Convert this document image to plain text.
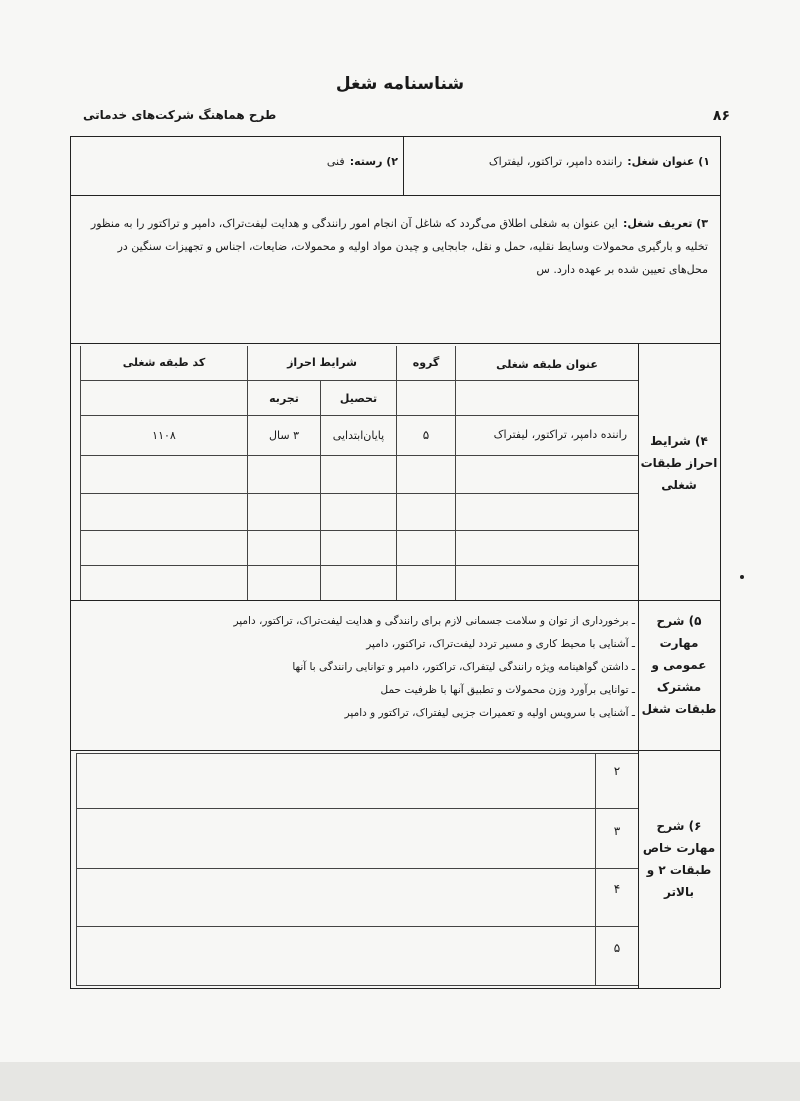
شناسنامه شغل
طرح هماهنگ شرکت‌های خدماتی	۸۶
۱) عنوان شغل: راننده دامپر، تراکتور، لیفتراک
۲) رسته: فنی
۳) تعریف شغل: این عنوان به شغلی اطلاق می‌گردد که شاغل آن انجام امور رانندگی و هدایت لیفت‌تراک، دامپر و تراکتور را به منظور
تخلیه و بارگیری محمولات وسایط نقلیه، حمل و نقل، جابجایی و چیدن مواد اولیه و محمولات، ضایعات، اجناس و تجهیزات سنگین در
محل‌های تعیین شده بر عهده دارد. س
۴) شرایط احراز طبقات شغلی
عنوان طبقه شغلی
گروه
شرایط احراز
تحصیل
تجربه
کد طبقه شغلی
راننده دامپر، تراکتور، لیفتراک
۵
پایان‌ابتدایی
۳ سال
۱۱۰۸
۵) شرح مهارت عمومی و مشترک طبقات شغل
ـ برخورداری از توان و سلامت جسمانی لازم برای رانندگی و هدایت لیفت‌تراک، تراکتور، دامپر
ـ آشنایی با محیط کاری و مسیر تردد لیفت‌تراک، تراکتور، دامپر
ـ داشتن گواهینامه ویژه رانندگی لیتفراک، تراکتور، دامپر و توانایی رانندگی با آنها
ـ توانایی برآورد وزن محمولات و تطبیق آنها با ظرفیت حمل
ـ آشنایی با سرویس اولیه و تعمیرات جزیی لیفتراک، تراکتور و دامپر
۶) شرح مهارت خاص طبقات ۲ و بالاتر
۲
۳
۴
۵
